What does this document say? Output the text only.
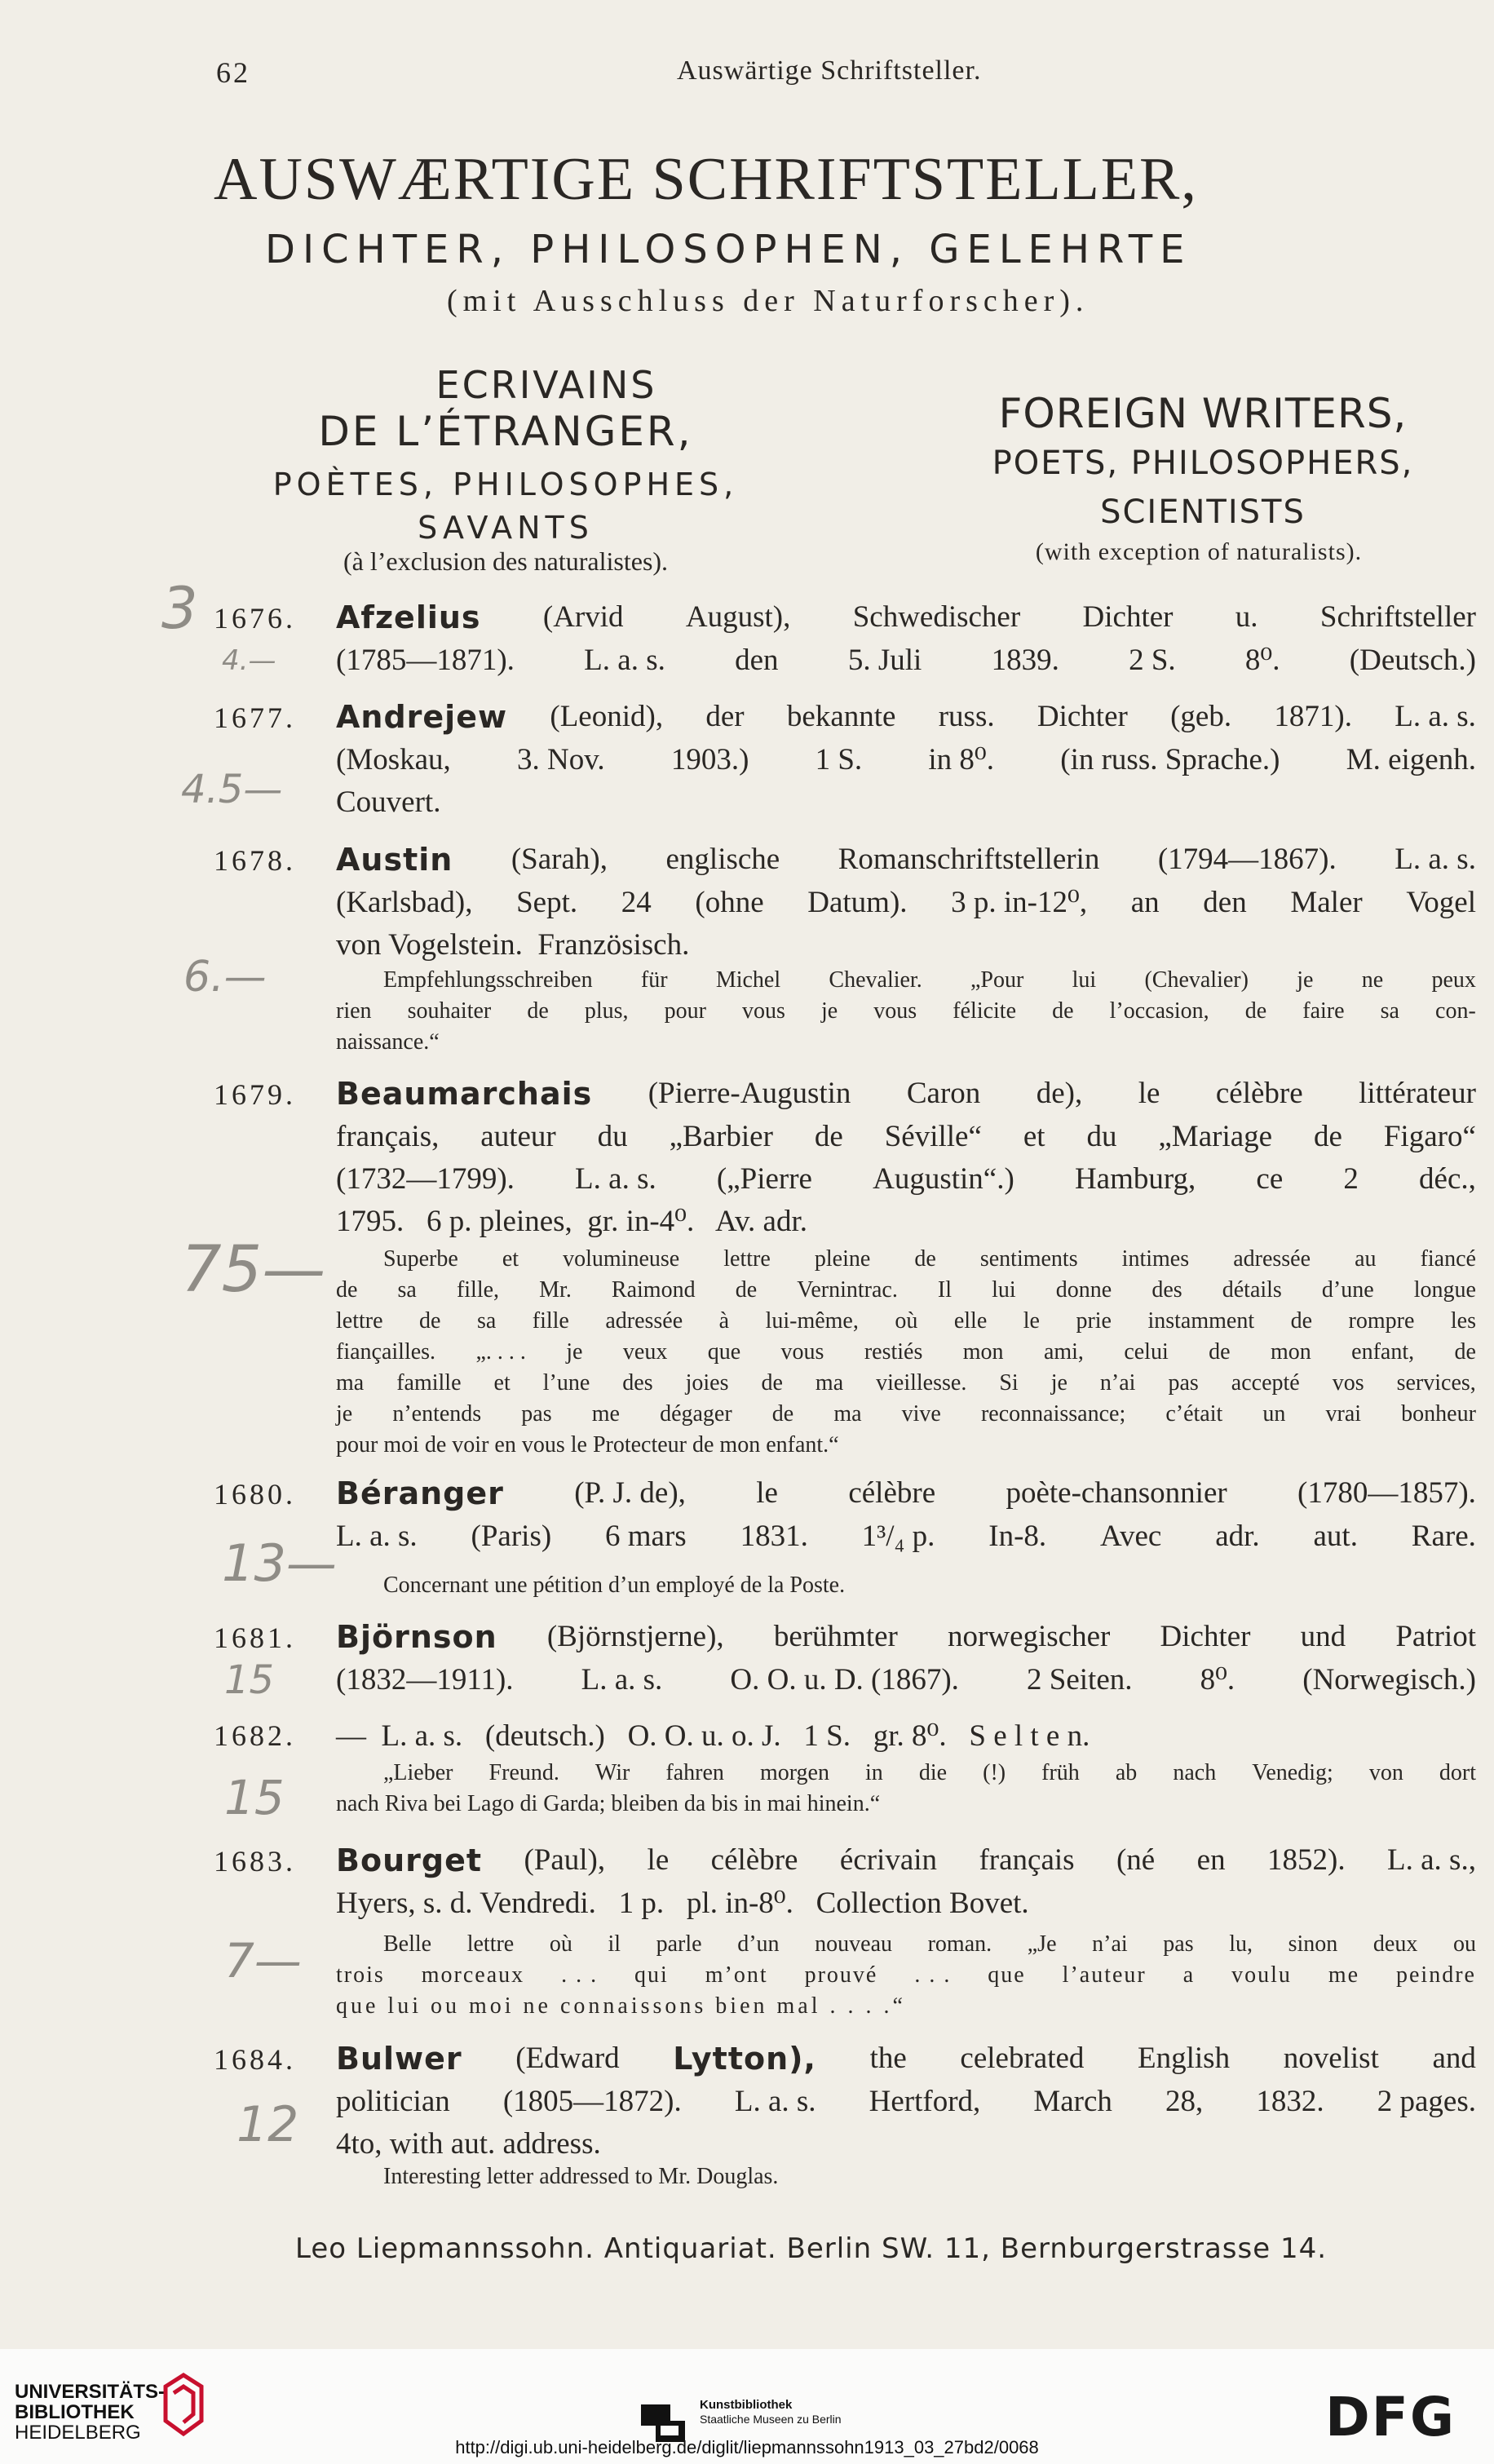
62	Auswärtige Schriftsteller.
AUSWÆRTIGE SCHRIFTSTELLER,
DICHTER, PHILOSOPHEN, GELEHRTE
(mit Ausschluss der Naturforscher).
ECRIVAINS
DE L’ÉTRANGER,
POÈTES, PHILOSOPHES,
SAVANTS
(à l’exclusion des naturalistes).
FOREIGN WRITERS,
POETS, PHILOSOPHERS,
SCIENTISTS
(with exception of naturalists).
1676.	Afzelius (Arvid August), Schwedischer Dichter u. Schriftsteller
(1785—1871). L. a. s. den 5. Juli 1839. 2 S. 8⁰. (Deutsch.)
1677.	Andrejew (Leonid), der bekannte russ. Dichter (geb. 1871). L. a. s.
(Moskau, 3. Nov. 1903.) 1 S. in 8⁰. (in russ. Sprache.) M. eigenh.
Couvert.
1678.	Austin (Sarah), englische Romanschriftstellerin (1794—1867). L. a. s.
(Karlsbad), Sept. 24 (ohne Datum). 3 p. in-12⁰, an den Maler Vogel
von Vogelstein.  Französisch.
Empfehlungsschreiben für Michel Chevalier. „Pour lui (Chevalier) je ne peux
rien souhaiter de plus, pour vous je vous félicite de l’occasion, de faire sa con-
naissance.“
1679.	Beaumarchais (Pierre-Augustin Caron de), le célèbre littérateur
français, auteur du „Barbier de Séville“ et du „Mariage de Figaro“
(1732—1799). L. a. s. („Pierre Augustin“.) Hamburg, ce 2 déc.,
1795.   6 p. pleines,  gr. in-4⁰.   Av. adr.
Superbe et volumineuse lettre pleine de sentiments intimes adressée au fiancé
de sa fille, Mr. Raimond de Vernintrac. Il lui donne des détails d’une longue
lettre de sa fille adressée à lui-même, où elle le prie instamment de rompre les
fiançailles. „. . . . je veux que vous restiés mon ami, celui de mon enfant, de
ma famille et l’une des joies de ma vieillesse. Si je n’ai pas accepté vos services,
je n’entends pas me dégager de ma vive reconnaissance; c’était un vrai bonheur
pour moi de voir en vous le Protecteur de mon enfant.“
1680.	Béranger (P. J. de), le célèbre poète-chansonnier (1780—1857).
L. a. s. (Paris) 6 mars 1831. 1³/₄ p. In-8. Avec adr. aut. Rare.
Concernant une pétition d’un employé de la Poste.
1681.	Björnson (Björnstjerne), berühmter norwegischer Dichter und Patriot
(1832—1911). L. a. s. O. O. u. D. (1867). 2 Seiten. 8⁰. (Norwegisch.)
1682.	—  L. a. s.   (deutsch.)   O. O. u. o. J.   1 S.   gr. 8⁰.   S e l t e n.
„Lieber Freund. Wir fahren morgen in die (!) früh ab nach Venedig; von dort
nach Riva bei Lago di Garda; bleiben da bis in mai hinein.“
1683.	Bourget (Paul), le célèbre écrivain français (né en 1852). L. a. s.,
Hyers, s. d. Vendredi.   1 p.   pl. in-8⁰.   Collection Bovet.
Belle lettre où il parle d’un nouveau roman. „Je n’ai pas lu, sinon deux ou
trois morceaux . . . qui m’ont prouvé . . . que l’auteur a voulu me peindre
que lui ou moi ne connaissons bien mal . . . .“
1684.	Bulwer (Edward Lytton), the celebrated English novelist and
politician (1805—1872). L. a. s. Hertford, March 28, 1832. 2 pages.
4to, with aut. address.
Interesting letter addressed to Mr. Douglas.
3
4.—
4.5—
6.—
75—
13—
15
15
7—
12
Leo Liepmannssohn. Antiquariat. Berlin SW. 11, Bernburgerstrasse 14.
UNIVERSITÄTS-
BIBLIOTHEK
HEIDELBERG
Kunstbibliothek
Staatliche Museen zu Berlin	DFG
http://digi.ub.uni-heidelberg.de/diglit/liepmannssohn1913_03_27bd2/0068
